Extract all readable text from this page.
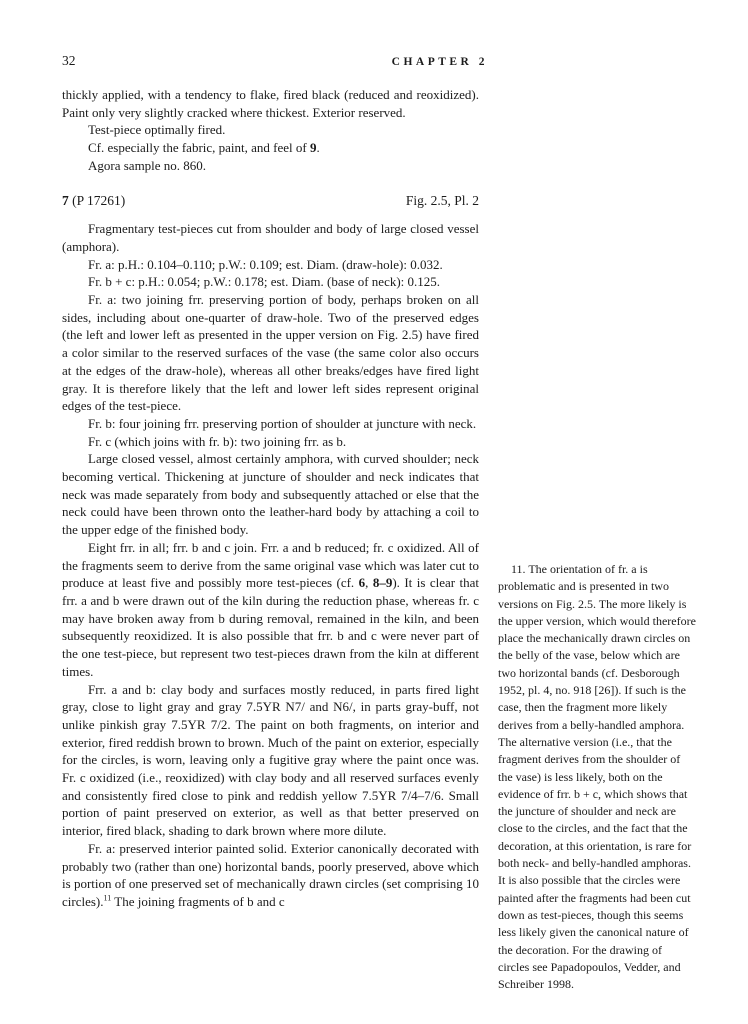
32	CHAPTER 2

thickly applied, with a tendency to flake, fired black (reduced and reoxidized). Paint only very slightly cracked where thickest. Exterior reserved.

Test-piece optimally fired.

Cf. especially the fabric, paint, and feel of 9.

Agora sample no. 860.

7 (P 17261)	Fig. 2.5, Pl. 2

Fragmentary test-pieces cut from shoulder and body of large closed vessel (amphora).

Fr. a: p.H.: 0.104–0.110; p.W.: 0.109; est. Diam. (draw-hole): 0.032.

Fr. b + c: p.H.: 0.054; p.W.: 0.178; est. Diam. (base of neck): 0.125.

Fr. a: two joining frr. preserving portion of body, perhaps broken on all sides, including about one-quarter of draw-hole. Two of the preserved edges (the left and lower left as presented in the upper version on Fig. 2.5) have fired a color similar to the reserved surfaces of the vase (the same color also occurs at the edges of the draw-hole), whereas all other breaks/edges have fired light gray. It is therefore likely that the left and lower left sides represent original edges of the test-piece.

Fr. b: four joining frr. preserving portion of shoulder at juncture with neck.

Fr. c (which joins with fr. b): two joining frr. as b.

Large closed vessel, almost certainly amphora, with curved shoulder; neck becoming vertical. Thickening at juncture of shoulder and neck indicates that neck was made separately from body and subsequently attached or else that the neck could have been thrown onto the leather-hard body by attaching a coil to the upper edge of the finished body.

Eight frr. in all; frr. b and c join. Frr. a and b reduced; fr. c oxidized. All of the fragments seem to derive from the same original vase which was later cut to produce at least five and possibly more test-pieces (cf. 6, 8–9). It is clear that frr. a and b were drawn out of the kiln during the reduction phase, whereas fr. c may have broken away from b during removal, remained in the kiln, and been subsequently reoxidized. It is also possible that frr. b and c were never part of the one test-piece, but represent two test-pieces drawn from the kiln at different times.

Frr. a and b: clay body and surfaces mostly reduced, in parts fired light gray, close to light gray and gray 7.5YR N7/ and N6/, in parts gray-buff, not unlike pinkish gray 7.5YR 7/2. The paint on both fragments, on interior and exterior, fired reddish brown to brown. Much of the paint on exterior, especially for the circles, is worn, leaving only a fugitive gray where the paint once was. Fr. c oxidized (i.e., reoxidized) with clay body and all reserved surfaces evenly and consistently fired close to pink and reddish yellow 7.5YR 7/4–7/6. Small portion of paint preserved on exterior, as well as that better preserved on interior, fired black, shading to dark brown where more dilute.

Fr. a: preserved interior painted solid. Exterior canonically decorated with probably two (rather than one) horizontal bands, poorly preserved, above which is portion of one preserved set of mechanically drawn circles (set comprising 10 circles).$^{11}$ The joining fragments of b and c

11. The orientation of fr. a is problematic and is presented in two versions on Fig. 2.5. The more likely is the upper version, which would therefore place the mechanically drawn circles on the belly of the vase, below which are two horizontal bands (cf. Desborough 1952, pl. 4, no. 918 [26]). If such is the case, then the fragment more likely derives from a belly-handled amphora. The alternative version (i.e., that the fragment derives from the shoulder of the vase) is less likely, both on the evidence of frr. b + c, which shows that the juncture of shoulder and neck are close to the circles, and the fact that the decoration, at this orientation, is rare for both neck- and belly-handled amphoras. It is also possible that the circles were painted after the fragments had been cut down as test-pieces, though this seems less likely given the canonical nature of the decoration. For the drawing of circles see Papadopoulos, Vedder, and Schreiber 1998.
